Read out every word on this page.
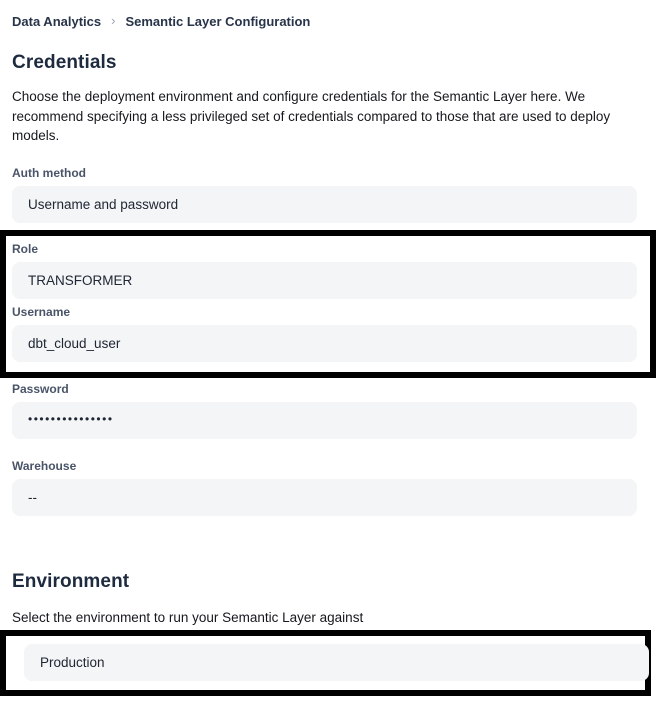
Data Analytics › Semantic Layer Configuration
Credentials

Choose the deployment environment and configure credentials for the Semantic Layer here. We recommend specifying a less privileged set of credentials compared to those that are used to deploy models.

Auth method
Username and password
Role
TRANSFORMER
Username
dbt_cloud_user
Password
•••••••••••••••
Warehouse
--
Environment

Select the environment to run your Semantic Layer against

Production
